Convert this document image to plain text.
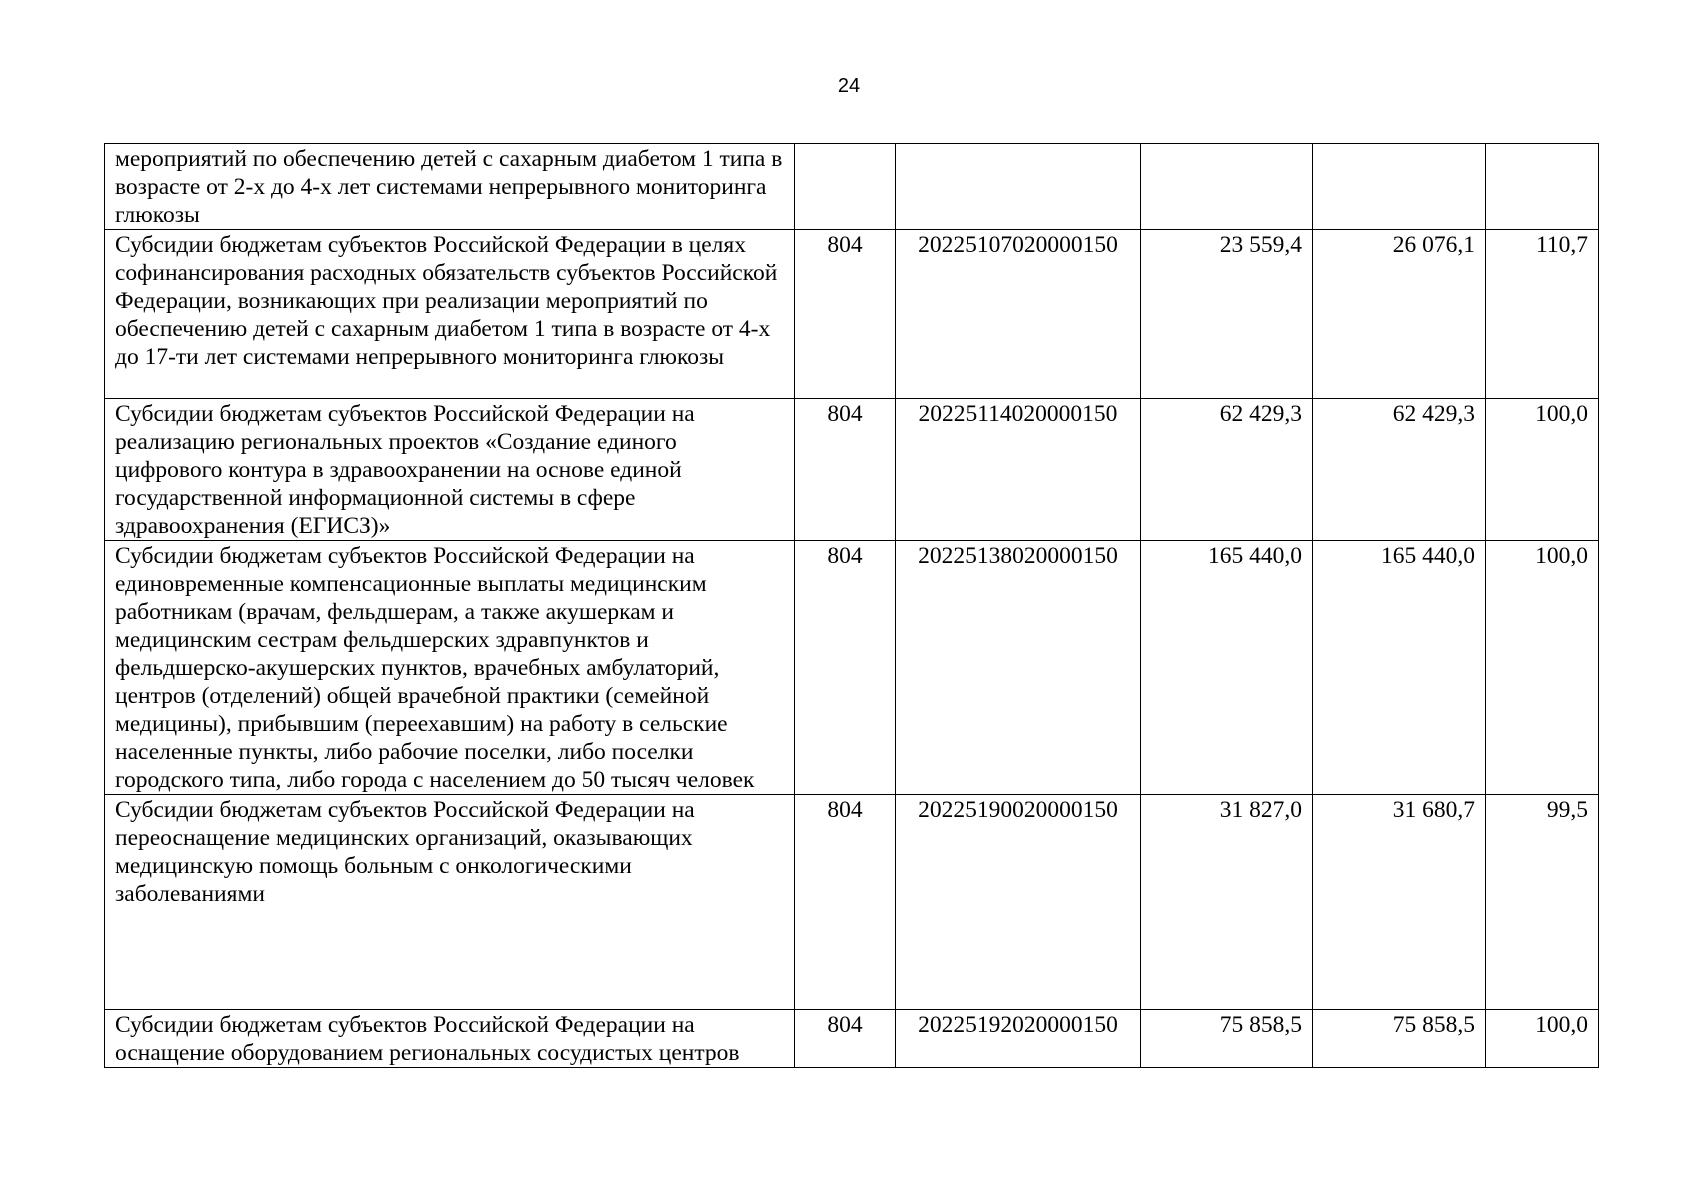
24
мероприятий по обеспечению детей с сахарным диабетом 1 типа в возрасте от 2-х до 4-х лет системами непрерывного мониторинга глюкозы					
Субсидии бюджетам субъектов Российской Федерации в целях софинансирования расходных обязательств субъектов Российской Федерации, возникающих при реализации мероприятий по обеспечению детей с сахарным диабетом 1 типа в возрасте от 4-х до 17-ти лет системами непрерывного мониторинга глюкозы	804	20225107020000150	23 559,4	26 076,1	110,7
Субсидии бюджетам субъектов Российской Федерации на реализацию региональных проектов «Создание единого цифрового контура в здравоохранении на основе единой государственной информационной системы в сфере здравоохранения (ЕГИСЗ)»	804	20225114020000150	62 429,3	62 429,3	100,0
Субсидии бюджетам субъектов Российской Федерации на единовременные компенсационные выплаты медицинским работникам (врачам, фельдшерам, а также акушеркам и медицинским сестрам фельдшерских здравпунктов и фельдшерско-акушерских пунктов, врачебных амбулаторий, центров (отделений) общей врачебной практики (семейной медицины), прибывшим (переехавшим) на работу в сельские населенные пункты, либо рабочие поселки, либо поселки городского типа, либо города с населением до 50 тысяч человек	804	20225138020000150	165 440,0	165 440,0	100,0
Субсидии бюджетам субъектов Российской Федерации на переоснащение медицинских организаций, оказывающих медицинскую помощь больным с онкологическими заболеваниями	804	20225190020000150	31 827,0	31 680,7	99,5
Субсидии бюджетам субъектов Российской Федерации на оснащение оборудованием региональных сосудистых центров	804	20225192020000150	75 858,5	75 858,5	100,0
